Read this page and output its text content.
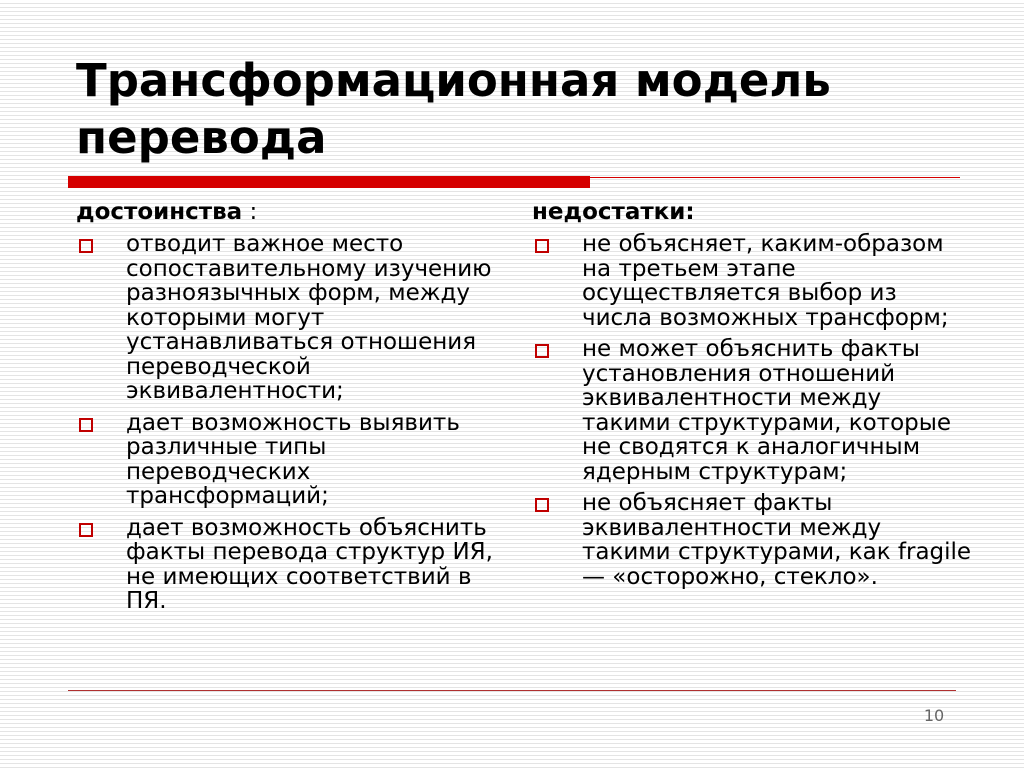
Трансформационная модель перевода
достоинства :
отводит важное место сопоставительному изучению разноязычных форм, между которыми могут устанавливаться отношения переводческой эквивалентности;
дает возможность выявить различные типы переводческих трансформаций;
дает возможность объяснить факты перевода структур ИЯ, не имеющих соответствий в ПЯ.
недостатки:
не объясняет, каким-образом на третьем этапе осуществляется выбор из числа возможных трансформ;
не может объяснить факты установления отношений эквивалентности между такими структурами, которые не сводятся к аналогичным ядерным структурам;
не объясняет факты эквивалентности между такими структурами, как fragile — «осторожно, стекло».
10
